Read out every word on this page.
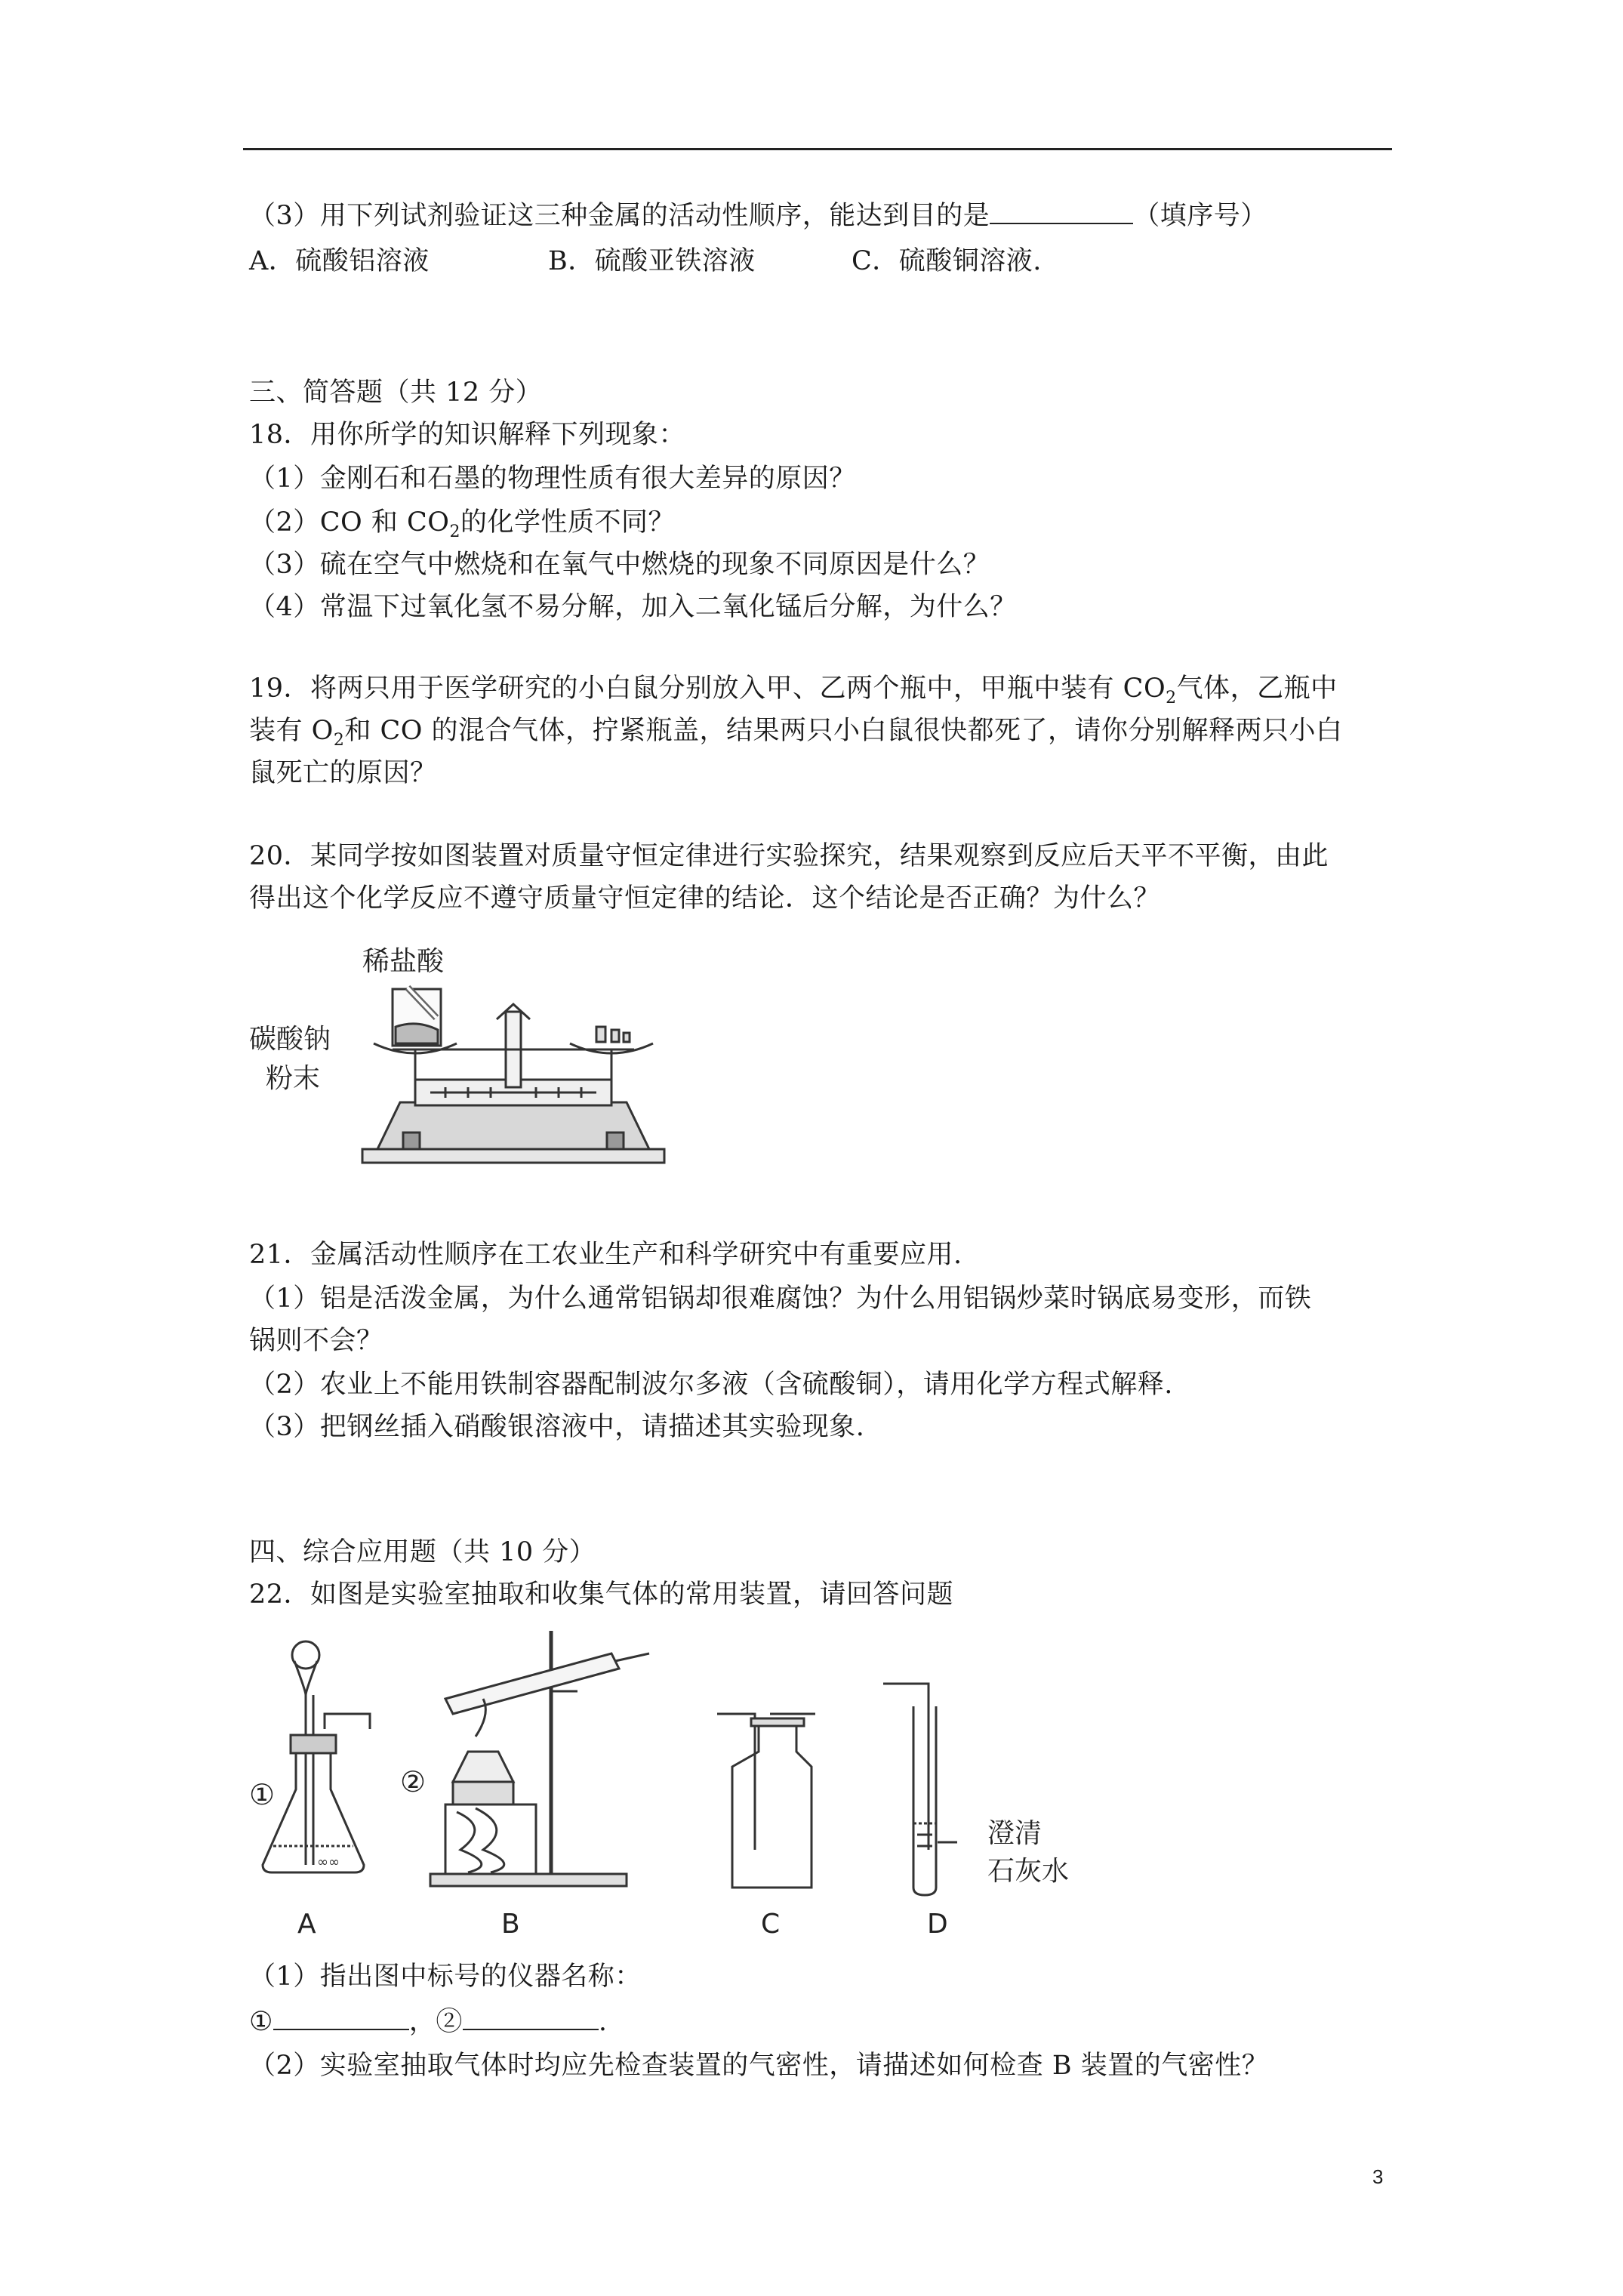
（3）用下列试剂验证这三种金属的活动性顺序，能达到目的是	（填序号）
A．硫酸铝溶液	B．硫酸亚铁溶液	C．硫酸铜溶液.
三、简答题（共 12 分）
18．用你所学的知识解释下列现象：
（1）金刚石和石墨的物理性质有很大差异的原因？
（2）CO 和 $CO_2$的化学性质不同？
（3）硫在空气中燃烧和在氧气中燃烧的现象不同原因是什么？
（4）常温下过氧化氢不易分解，加入二氧化锰后分解，为什么？
19．将两只用于医学研究的小白鼠分别放入甲、乙两个瓶中，甲瓶中装有 $CO_2$气体，乙瓶中
装有 $O_2$和 CO 的混合气体，拧紧瓶盖，结果两只小白鼠很快都死了，请你分别解释两只小白
鼠死亡的原因？
20．某同学按如图装置对质量守恒定律进行实验探究，结果观察到反应后天平不平衡，由此
得出这个化学反应不遵守质量守恒定律的结论．这个结论是否正确？为什么？
稀盐酸
碳酸钠
粉末
21．金属活动性顺序在工农业生产和科学研究中有重要应用.
（1）铝是活泼金属，为什么通常铝锅却很难腐蚀？为什么用铝锅炒菜时锅底易变形，而铁
锅则不会？
（2）农业上不能用铁制容器配制波尔多液（含硫酸铜），请用化学方程式解释.
（3）把钢丝插入硝酸银溶液中，请描述其实验现象.
四、综合应用题（共 10 分）
22．如图是实验室抽取和收集气体的常用装置，请回答问题
∞∞
①	②
澄清
石灰水
A	B	C	D
（1）指出图中标号的仪器名称：
①	，②	.
（2）实验室抽取气体时均应先检查装置的气密性，请描述如何检查 B 装置的气密性？
3
